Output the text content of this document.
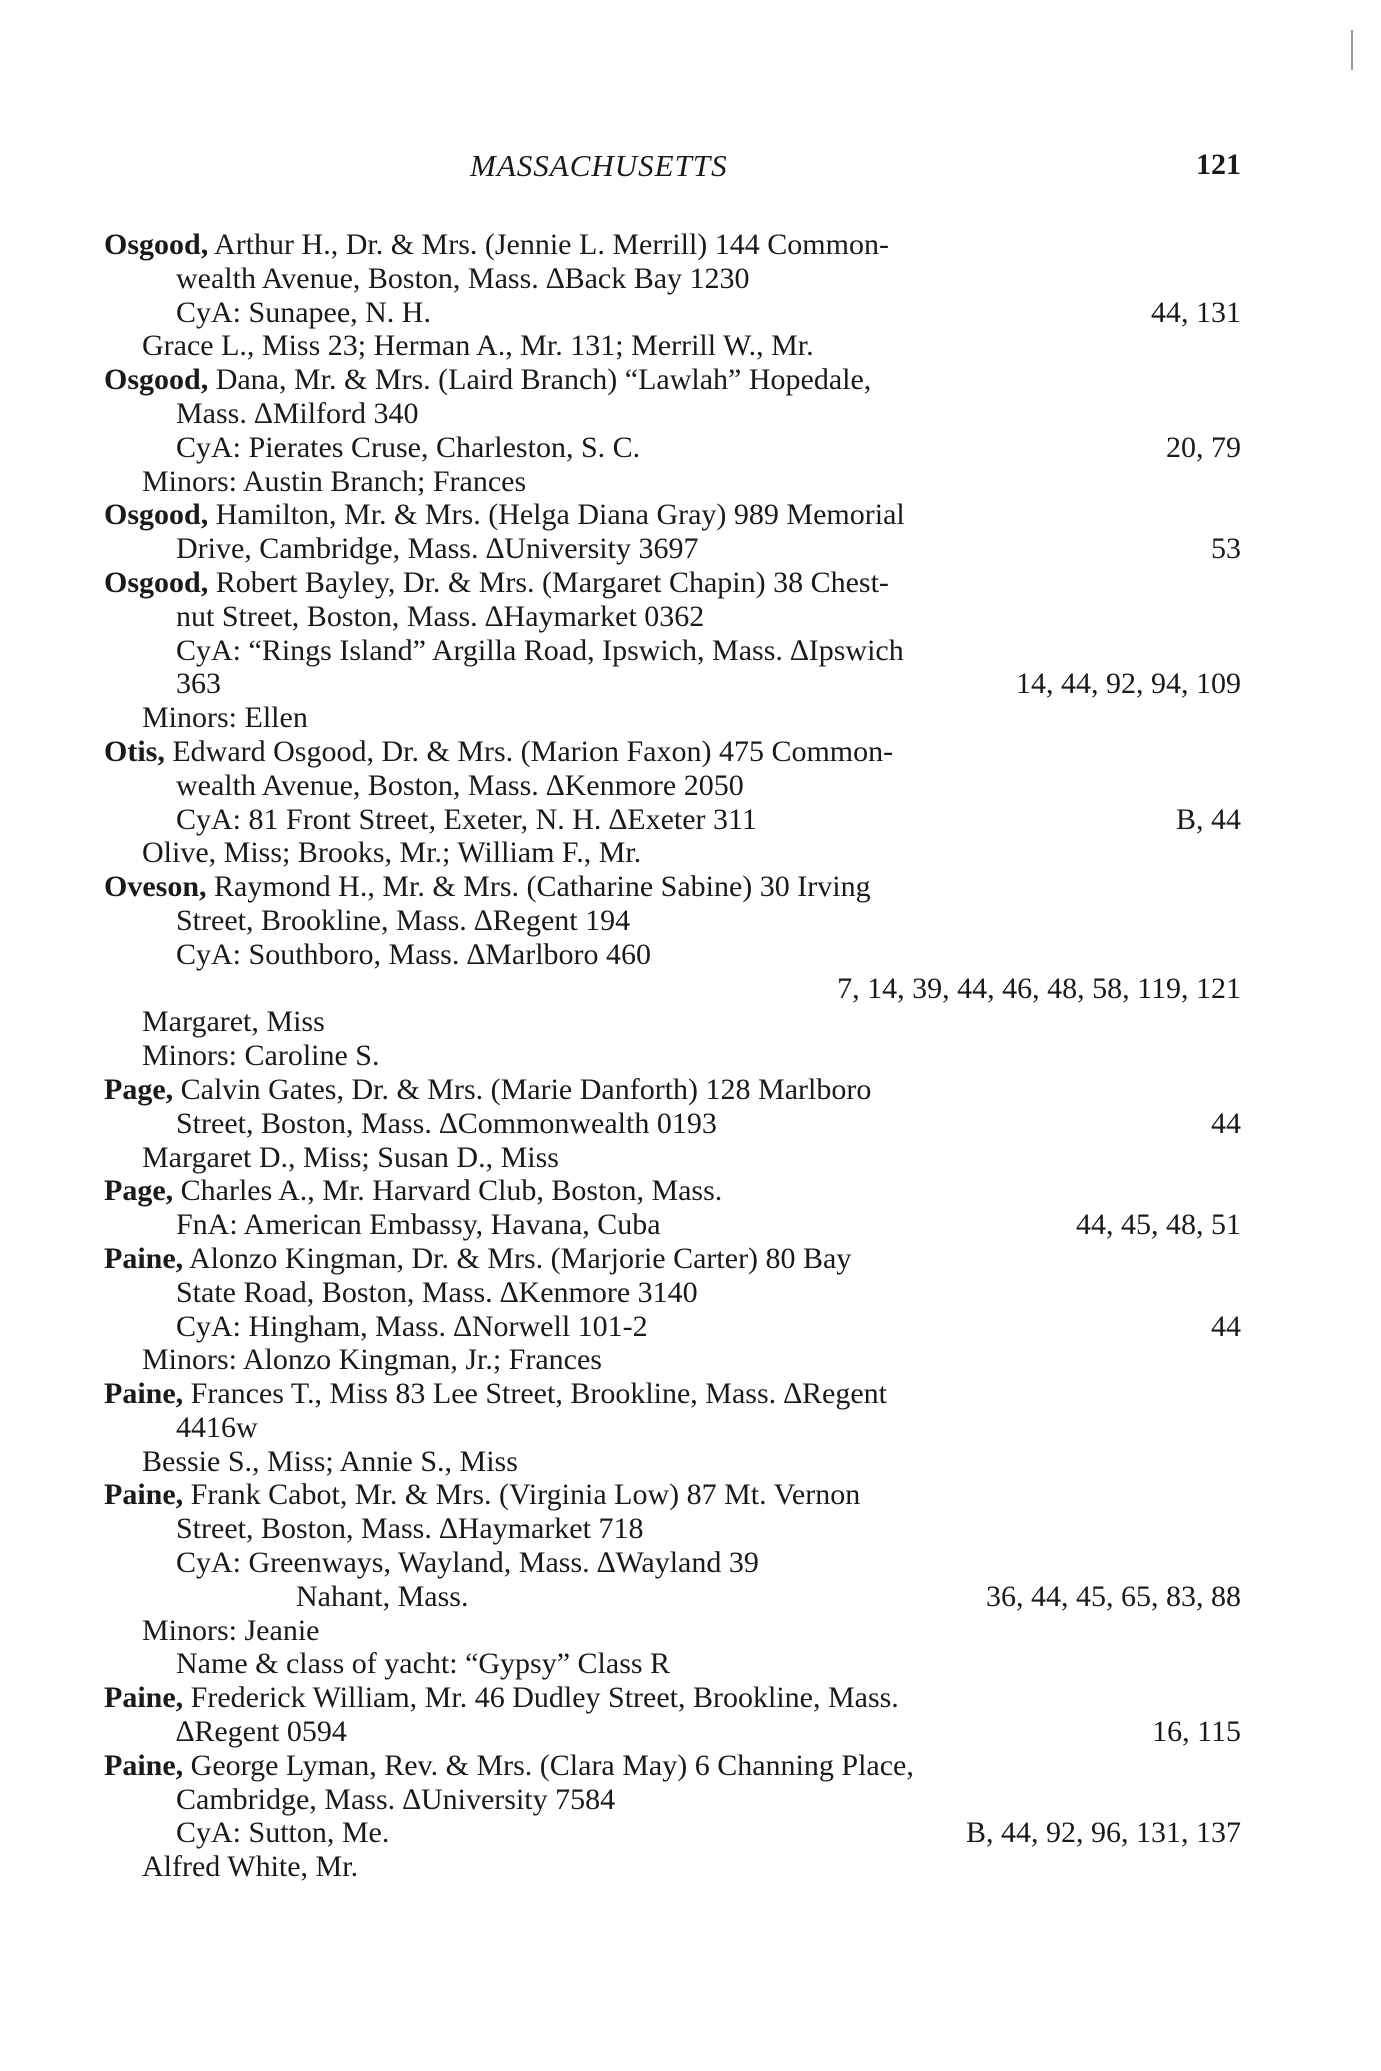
MASSACHUSETTS	121
Osgood, Arthur H., Dr. & Mrs. (Jennie L. Merrill) 144 Common-
wealth Avenue, Boston, Mass. ∆Back Bay 1230
CyA: Sunapee, N. H.	44, 131
Grace L., Miss 23; Herman A., Mr. 131; Merrill W., Mr.
Osgood, Dana, Mr. & Mrs. (Laird Branch) “Lawlah” Hopedale,
Mass. ∆Milford 340
CyA: Pierates Cruse, Charleston, S. C.	20, 79
Minors: Austin Branch; Frances
Osgood, Hamilton, Mr. & Mrs. (Helga Diana Gray) 989 Memorial
Drive, Cambridge, Mass. ∆University 3697	53
Osgood, Robert Bayley, Dr. & Mrs. (Margaret Chapin) 38 Chest-
nut Street, Boston, Mass. ∆Haymarket 0362
CyA: “Rings Island” Argilla Road, Ipswich, Mass. ∆Ipswich
363	14, 44, 92, 94, 109
Minors: Ellen
Otis, Edward Osgood, Dr. & Mrs. (Marion Faxon) 475 Common-
wealth Avenue, Boston, Mass. ∆Kenmore 2050
CyA: 81 Front Street, Exeter, N. H. ∆Exeter 311	B, 44
Olive, Miss; Brooks, Mr.; William F., Mr.
Oveson, Raymond H., Mr. & Mrs. (Catharine Sabine) 30 Irving
Street, Brookline, Mass. ∆Regent 194
CyA: Southboro, Mass. ∆Marlboro 460
7, 14, 39, 44, 46, 48, 58, 119, 121
Margaret, Miss
Minors: Caroline S.
Page, Calvin Gates, Dr. & Mrs. (Marie Danforth) 128 Marlboro
Street, Boston, Mass. ∆Commonwealth 0193	44
Margaret D., Miss; Susan D., Miss
Page, Charles A., Mr. Harvard Club, Boston, Mass.
FnA: American Embassy, Havana, Cuba	44, 45, 48, 51
Paine, Alonzo Kingman, Dr. & Mrs. (Marjorie Carter) 80 Bay
State Road, Boston, Mass. ∆Kenmore 3140
CyA: Hingham, Mass. ∆Norwell 101-2	44
Minors: Alonzo Kingman, Jr.; Frances
Paine, Frances T., Miss 83 Lee Street, Brookline, Mass. ∆Regent
4416w
Bessie S., Miss; Annie S., Miss
Paine, Frank Cabot, Mr. & Mrs. (Virginia Low) 87 Mt. Vernon
Street, Boston, Mass. ∆Haymarket 718
CyA: Greenways, Wayland, Mass. ∆Wayland 39
Nahant, Mass.	36, 44, 45, 65, 83, 88
Minors: Jeanie
Name & class of yacht: “Gypsy” Class R
Paine, Frederick William, Mr. 46 Dudley Street, Brookline, Mass.
∆Regent 0594	16, 115
Paine, George Lyman, Rev. & Mrs. (Clara May) 6 Channing Place,
Cambridge, Mass. ∆University 7584
CyA: Sutton, Me.	B, 44, 92, 96, 131, 137
Alfred White, Mr.
